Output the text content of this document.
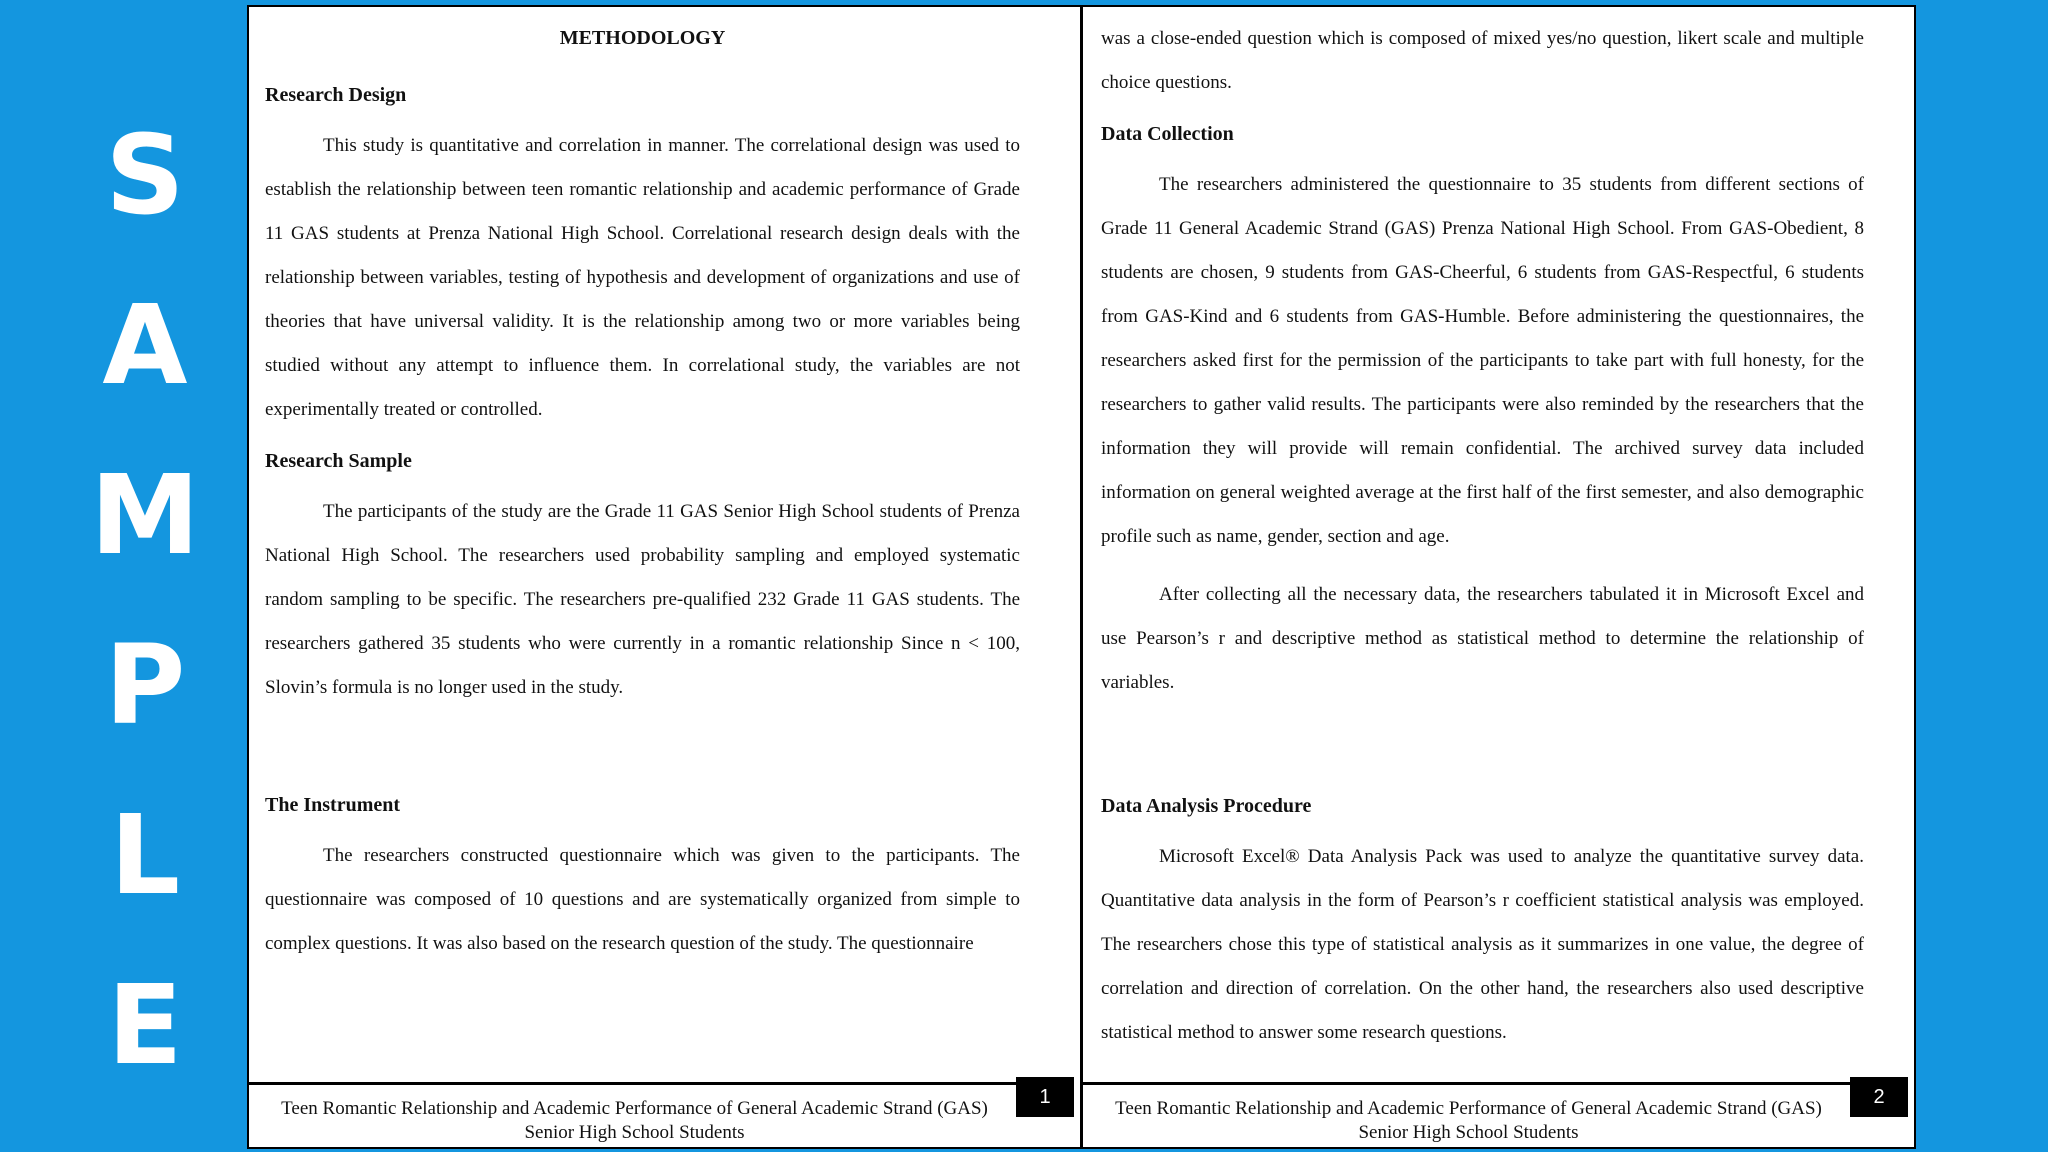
S
A
M
P
L
E
METHODOLOGY
Research Design

This study is quantitative and correlation in manner. The correlational design was used to establish the relationship between teen romantic relationship and academic performance of Grade 11 GAS students at Prenza National High School. Correlational research design deals with the relationship between variables, testing of hypothesis and development of organizations and use of theories that have universal validity. It is the relationship among two or more variables being studied without any attempt to influence them. In correlational study, the variables are not experimentally treated or controlled.

Research Sample

The participants of the study are the Grade 11 GAS Senior High School students of Prenza National High School. The researchers used probability sampling and employed systematic random sampling to be specific. The researchers pre-qualified 232 Grade 11 GAS students. The researchers gathered 35 students who were currently in a romantic relationship Since n < 100, Slovin’s formula is no longer used in the study.

The Instrument

The researchers constructed questionnaire which was given to the participants. The questionnaire was composed of 10 questions and are systematically organized from simple to complex questions. It was also based on the research question of the study. The questionnaire

Teen Romantic Relationship and Academic Performance of General Academic Strand (GAS) Senior High School Students
1

was a close-ended question which is composed of mixed yes/no question, likert scale and multiple choice questions.

Data Collection

The researchers administered the questionnaire to 35 students from different sections of Grade 11 General Academic Strand (GAS) Prenza National High School. From GAS-Obedient, 8 students are chosen, 9 students from GAS-Cheerful, 6 students from GAS-Respectful, 6 students from GAS-Kind and 6 students from GAS-Humble. Before administering the questionnaires, the researchers asked first for the permission of the participants to take part with full honesty, for the researchers to gather valid results. The participants were also reminded by the researchers that the information they will provide will remain confidential. The archived survey data included information on general weighted average at the first half of the first semester, and also demographic profile such as name, gender, section and age.

After collecting all the necessary data, the researchers tabulated it in Microsoft Excel and use Pearson’s r and descriptive method as statistical method to determine the relationship of variables.

Data Analysis Procedure

Microsoft Excel® Data Analysis Pack was used to analyze the quantitative survey data. Quantitative data analysis in the form of Pearson’s r coefficient statistical analysis was employed. The researchers chose this type of statistical analysis as it summarizes in one value, the degree of correlation and direction of correlation. On the other hand, the researchers also used descriptive statistical method to answer some research questions.

Teen Romantic Relationship and Academic Performance of General Academic Strand (GAS) Senior High School Students
2
